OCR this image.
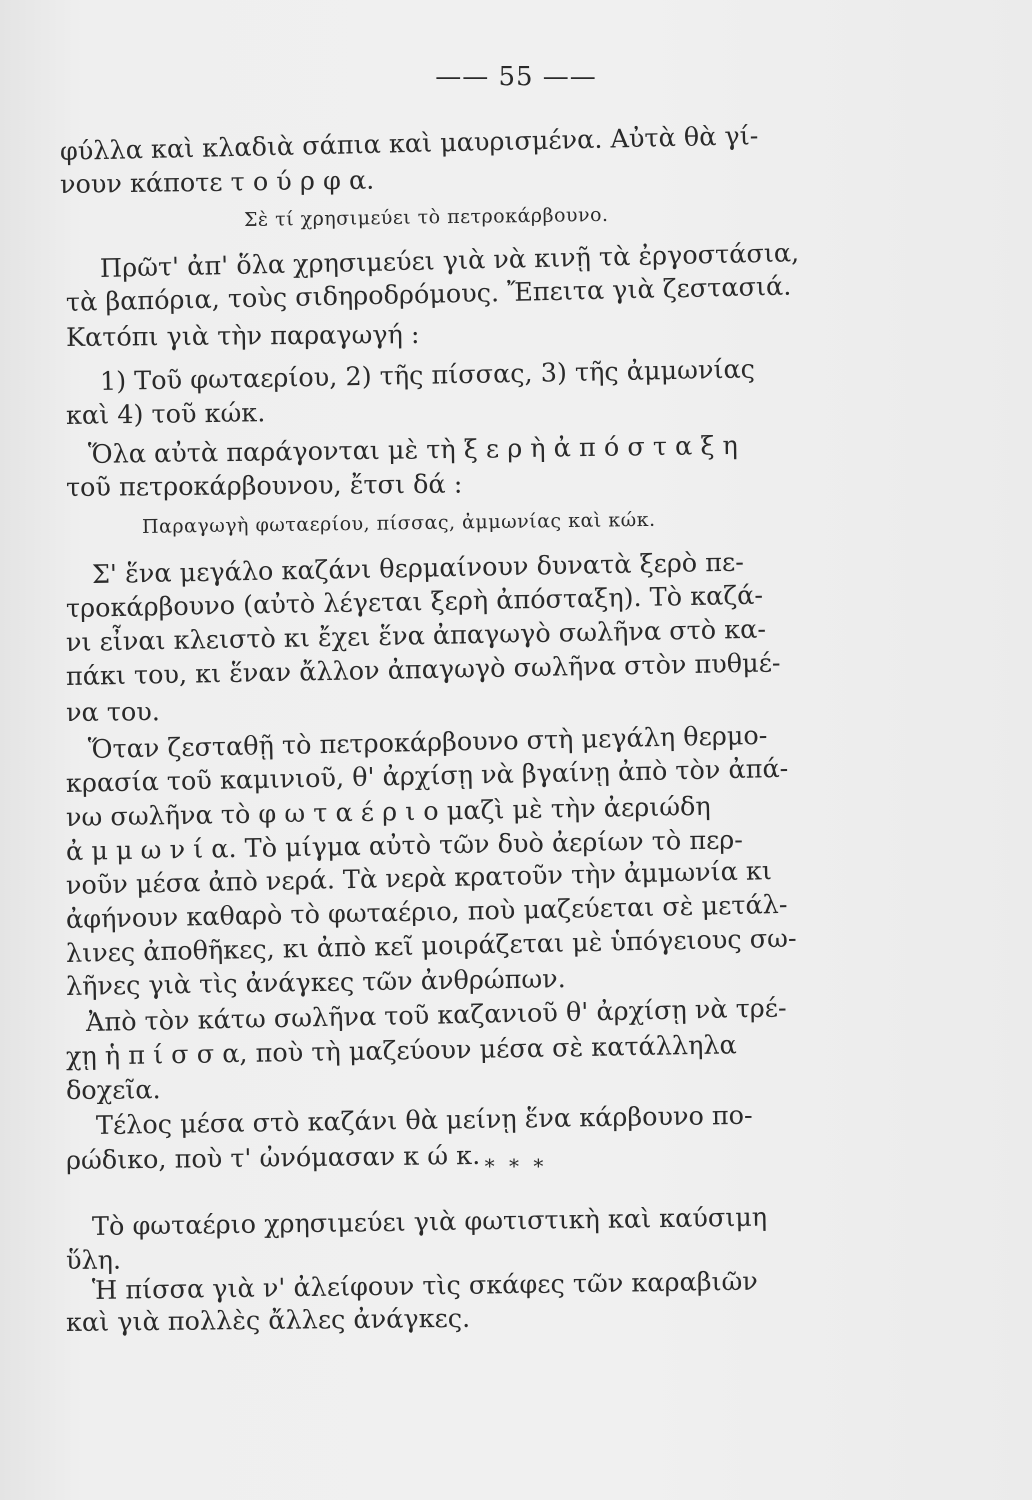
—— 55 ——
φύλλα καὶ κλαδιὰ σάπια καὶ μαυρισμένα. Αὐτὰ θὰ γί-
νουν κάποτε τ ο ύ ρ φ α.
Σὲ τί χρησιμεύει τὸ πετροκάρβουνο.
Πρῶτ' ἀπ' ὅλα χρησιμεύει γιὰ νὰ κινῇ τὰ ἐργοστάσια,
τὰ βαπόρια, τοὺς σιδηροδρόμους. Ἔπειτα γιὰ ζεστασιά.
Κατόπι γιὰ τὴν παραγωγή :
1) Τοῦ φωταερίου, 2) τῆς πίσσας, 3) τῆς ἀμμωνίας
καὶ 4) τοῦ κώκ.
Ὅλα αὐτὰ παράγονται μὲ τὴ ξ ε ρ ὴ ἀ π ό σ τ α ξ η
τοῦ πετροκάρβουνου, ἔτσι δά :
Παραγωγὴ φωταερίου, πίσσας, ἀμμωνίας καὶ κώκ.
Σ' ἕνα μεγάλο καζάνι θερμαίνουν δυνατὰ ξερὸ πε-
τροκάρβουνο (αὐτὸ λέγεται ξερὴ ἀπόσταξη). Τὸ καζά-
νι εἶναι κλειστὸ κι ἔχει ἕνα ἀπαγωγὸ σωλῆνα στὸ κα-
πάκι του, κι ἕναν ἄλλον ἀπαγωγὸ σωλῆνα στὸν πυθμέ-
να του.
Ὅταν ζεσταθῇ τὸ πετροκάρβουνο στὴ μεγάλη θερμο-
κρασία τοῦ καμινιοῦ, θ' ἀρχίσῃ νὰ βγαίνῃ ἀπὸ τὸν ἀπά-
νω σωλῆνα τὸ φ ω τ α έ ρ ι ο μαζὶ μὲ τὴν ἀεριώδη
ἀ μ μ ω ν ί α. Τὸ μίγμα αὐτὸ τῶν δυὸ ἀερίων τὸ περ-
νοῦν μέσα ἀπὸ νερά. Τὰ νερὰ κρατοῦν τὴν ἀμμωνία κι
ἀφήνουν καθαρὸ τὸ φωταέριο, ποὺ μαζεύεται σὲ μετάλ-
λινες ἀποθῆκες, κι ἀπὸ κεῖ μοιράζεται μὲ ὑπόγειους σω-
λῆνες γιὰ τὶς ἀνάγκες τῶν ἀνθρώπων.
Ἀπὸ τὸν κάτω σωλῆνα τοῦ καζανιοῦ θ' ἀρχίσῃ νὰ τρέ-
χῃ ἡ π ί σ σ α, ποὺ τὴ μαζεύουν μέσα σὲ κατάλληλα
δοχεῖα.
Τέλος μέσα στὸ καζάνι θὰ μείνῃ ἕνα κάρβουνο πο-
ρώδικο, ποὺ τ' ὠνόμασαν κ ώ κ. * * *
Τὸ φωταέριο χρησιμεύει γιὰ φωτιστικὴ καὶ καύσιμη
ὕλη.
Ἡ πίσσα γιὰ ν' ἀλείφουν τὶς σκάφες τῶν καραβιῶν
καὶ γιὰ πολλὲς ἄλλες ἀνάγκες.
